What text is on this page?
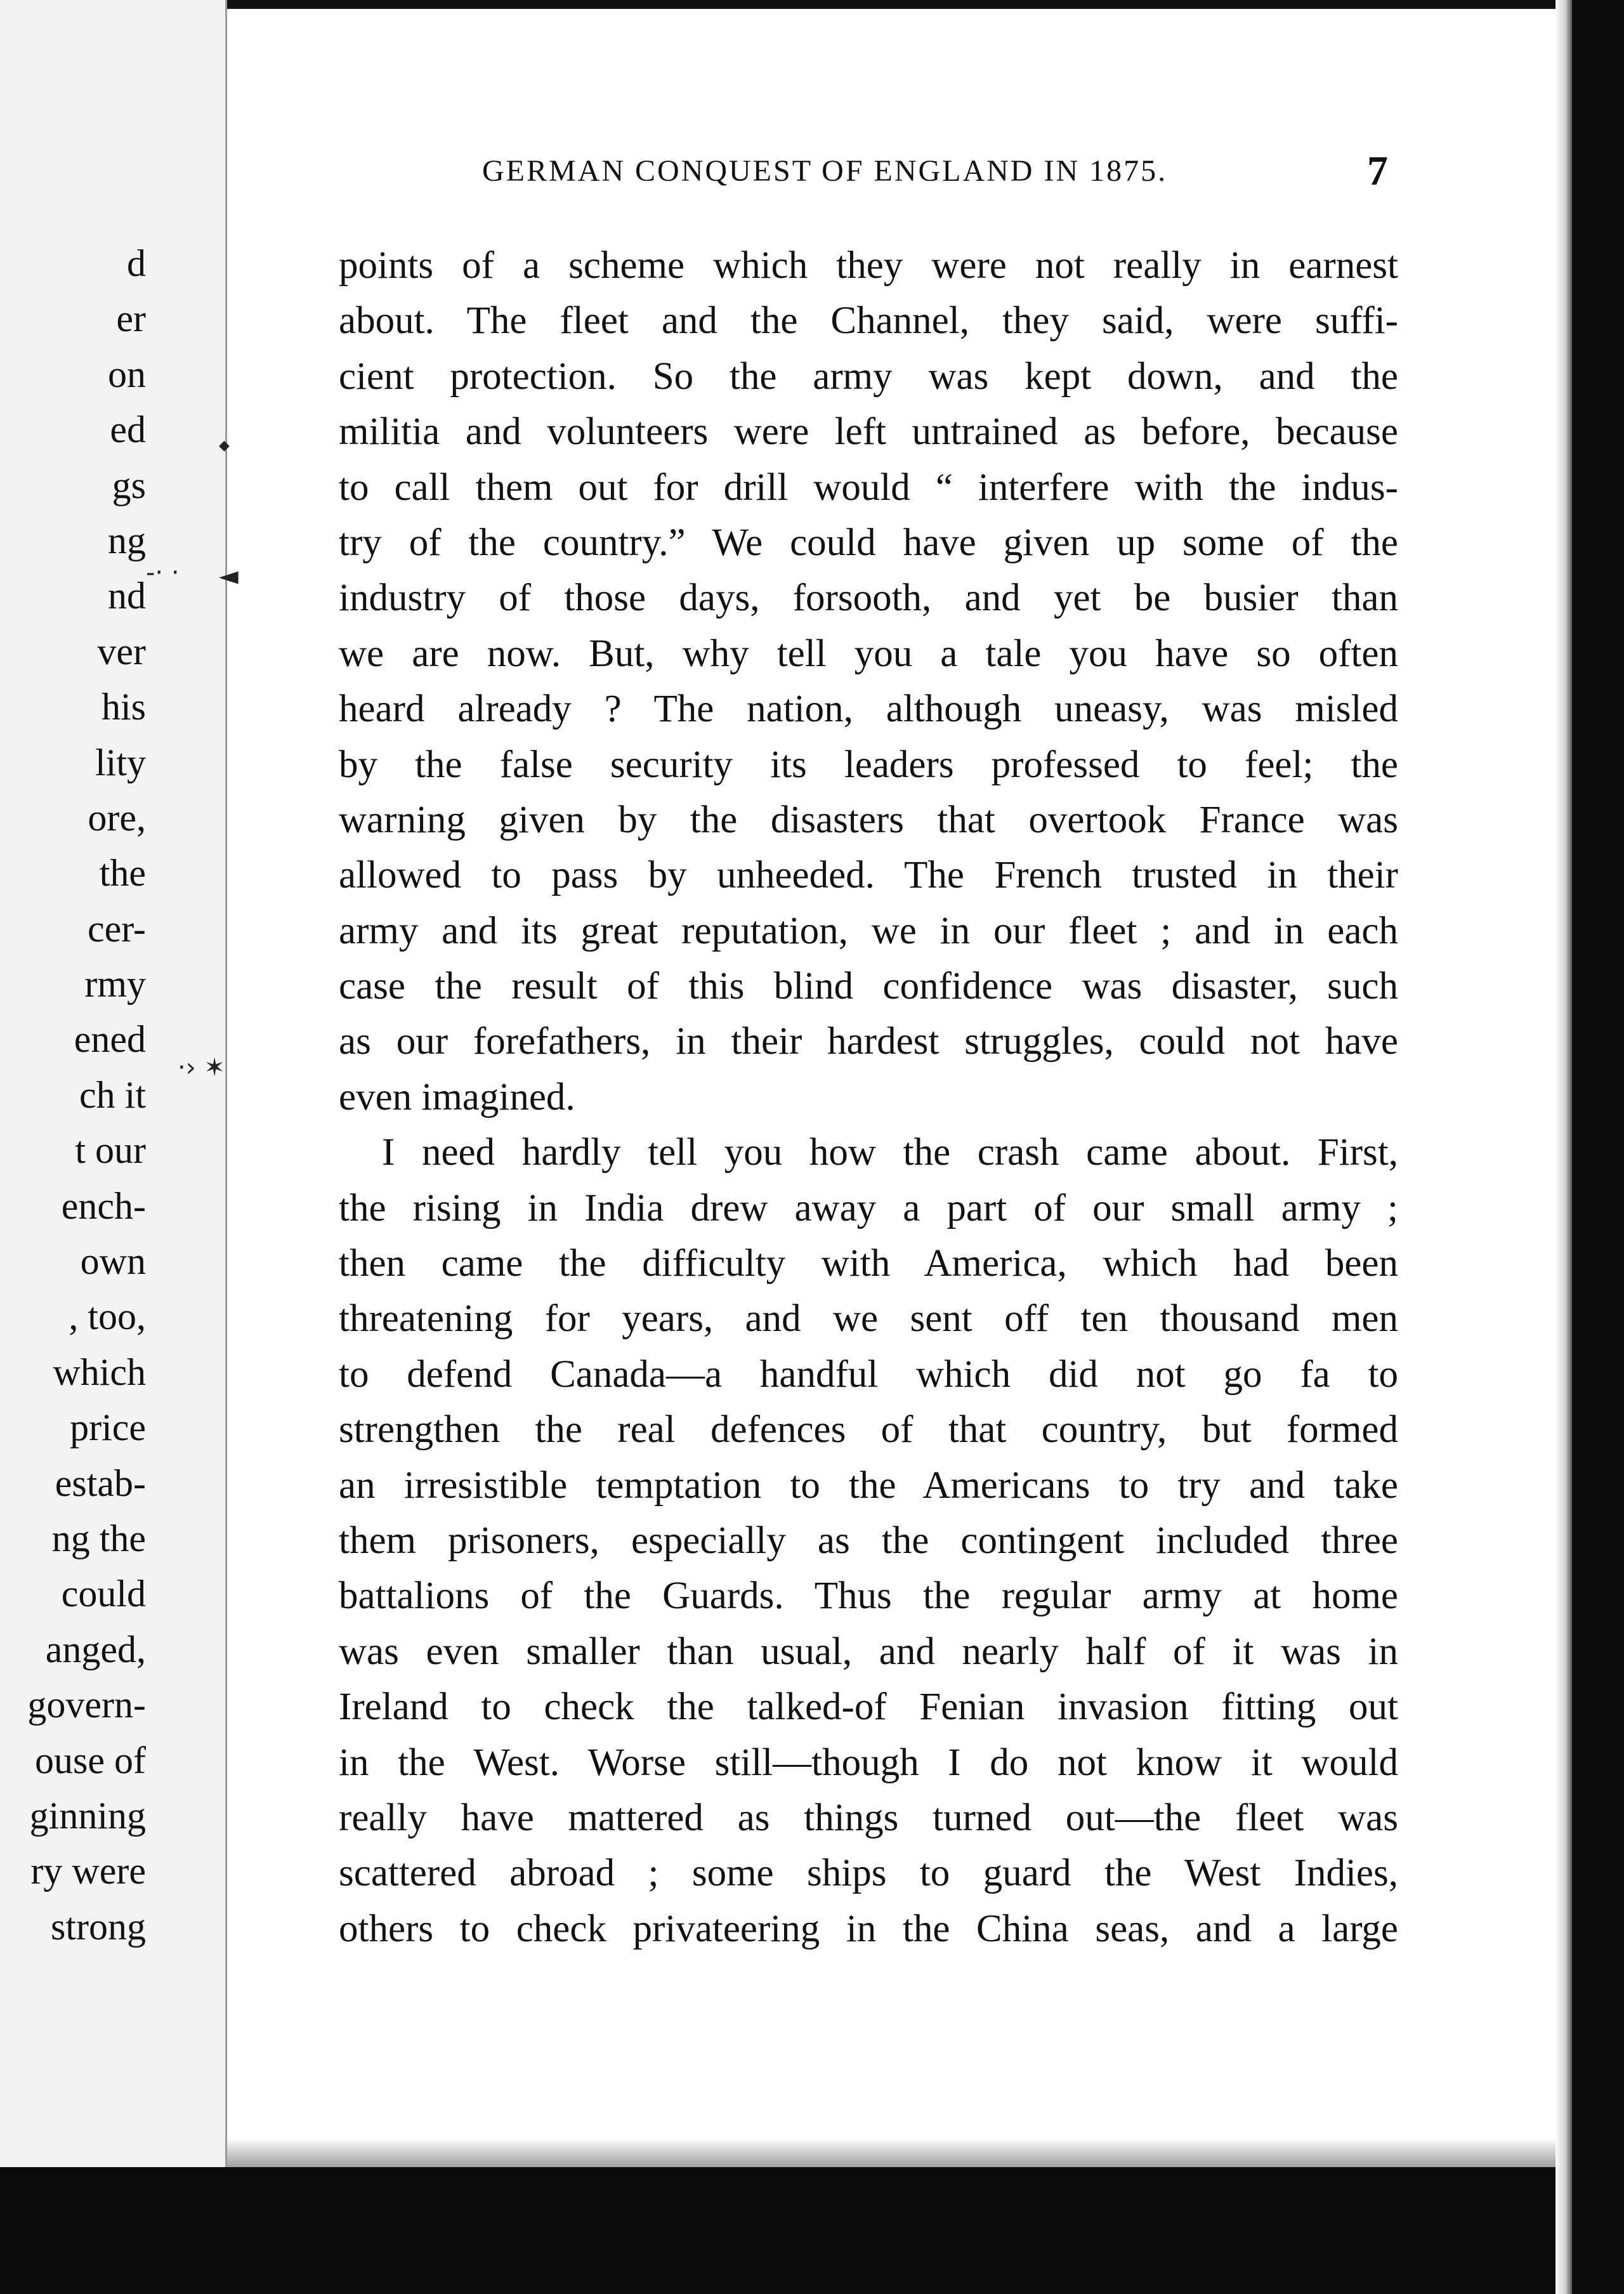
d
er
on
ed
gs
ng
nd
ver
his
lity
ore,
the
cer-
rmy
ened
ch it
t our
ench-
own
, too,
which
price
estab-
ng the
could
anged,
govern-
ouse of
ginning
ry were
strong
-· · ◄
·› ✶
◆
GERMAN CONQUEST OF ENGLAND IN 1875.	7
points of a scheme which they were not really in earnest
about. The fleet and the Channel, they said, were suffi-
cient protection. So the army was kept down, and the
militia and volunteers were left untrained as before, because
to call them out for drill would “ interfere with the indus-
try of the country.” We could have given up some of the
industry of those days, forsooth, and yet be busier than
we are now. But, why tell you a tale you have so often
heard already ? The nation, although uneasy, was misled
by the false security its leaders professed to feel; the
warning given by the disasters that overtook France was
allowed to pass by unheeded. The French trusted in their
army and its great reputation, we in our fleet ; and in each
case the result of this blind confidence was disaster, such
as our forefathers, in their hardest struggles, could not have
even imagined.
I need hardly tell you how the crash came about. First,
the rising in India drew away a part of our small army ;
then came the difficulty with America, which had been
threatening for years, and we sent off ten thousand men
to defend Canada—a handful which did not go fa to
strengthen the real defences of that country, but formed
an irresistible temptation to the Americans to try and take
them prisoners, especially as the contingent included three
battalions of the Guards. Thus the regular army at home
was even smaller than usual, and nearly half of it was in
Ireland to check the talked-of Fenian invasion fitting out
in the West. Worse still—though I do not know it would
really have mattered as things turned out—the fleet was
scattered abroad ; some ships to guard the West Indies,
others to check privateering in the China seas, and a large
